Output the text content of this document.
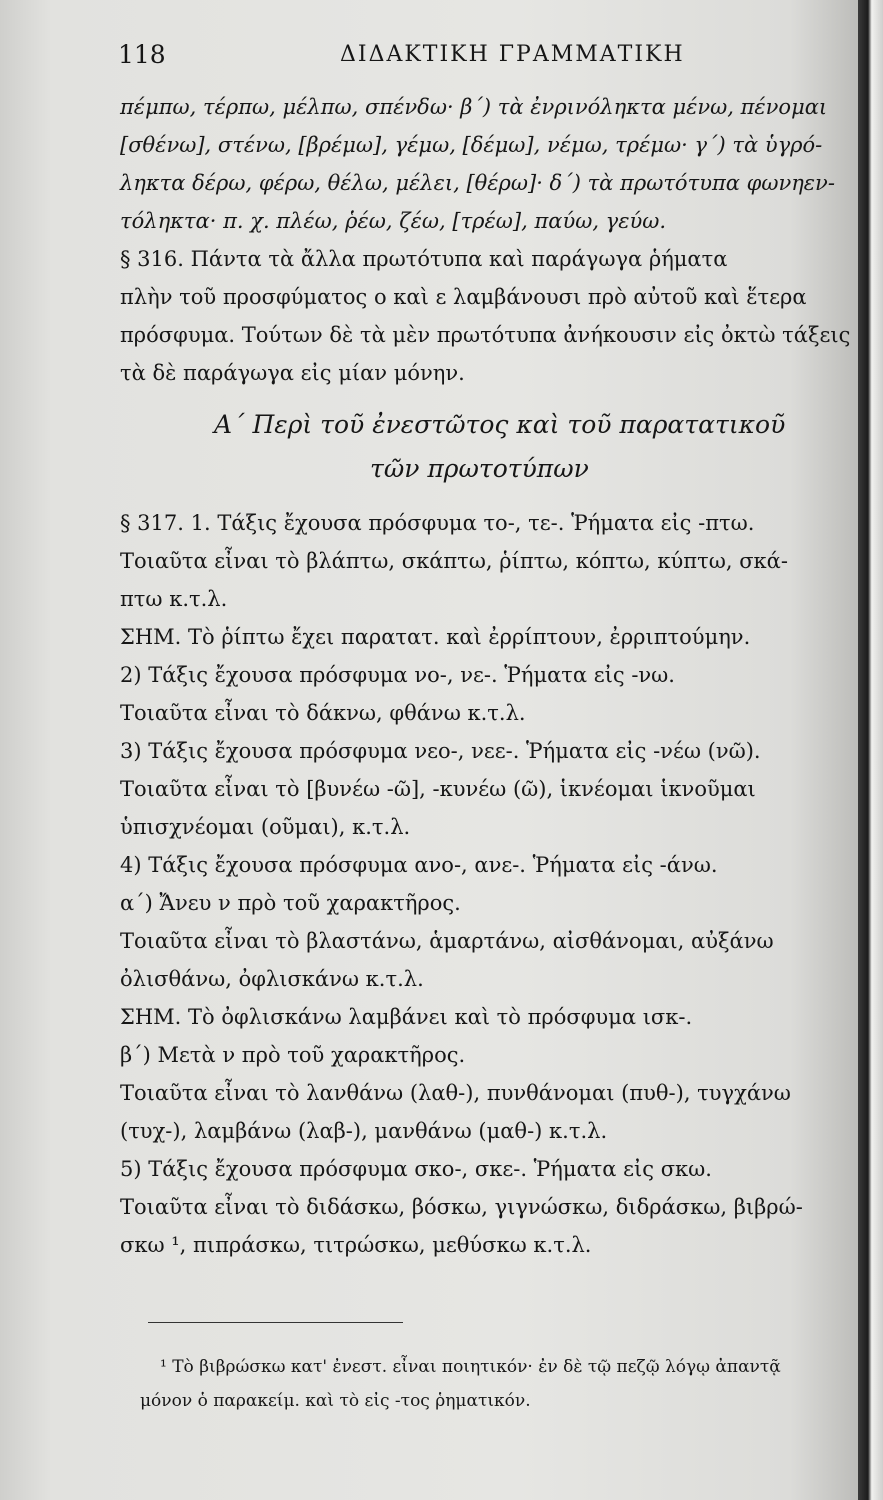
118	ΔΙΔΑΚΤΙΚΗ ΓΡΑΜΜΑΤΙΚΗ

πέμπω, τέρπω, μέλπω, σπένδω· β΄) τὰ ἐνρινόληκτα μένω, πένομαι

[σθένω], στένω, [βρέμω], γέμω, [δέμω], νέμω, τρέμω· γ΄) τὰ ὑγρό-

ληκτα δέρω, φέρω, θέλω, μέλει, [θέρω]· δ΄) τὰ πρωτότυπα φωνηεν-

τόληκτα· π. χ. πλέω, ῥέω, ζέω, [τρέω], παύω, γεύω.

§ 316. Πάντα τὰ ἄλλα πρωτότυπα καὶ παράγωγα ῥήματα

πλὴν τοῦ προσφύματος ο καὶ ε λαμβάνουσι πρὸ αὐτοῦ καὶ ἕτερα

πρόσφυμα. Τούτων δὲ τὰ μὲν πρωτότυπα ἀνήκουσιν εἰς ὀκτὼ τάξεις

τὰ δὲ παράγωγα εἰς μίαν μόνην.

Α΄ Περὶ τοῦ ἐνεστῶτος καὶ τοῦ παρατατικοῦ
τῶν πρωτοτύπων

§ 317. 1. Τάξις ἔχουσα πρόσφυμα το-, τε-. Ῥήματα εἰς -πτω.

Τοιαῦτα εἶναι τὸ βλάπτω, σκάπτω, ῥίπτω, κόπτω, κύπτω, σκά-

πτω κ.τ.λ.

ΣΗΜ. Τὸ ῥίπτω ἔχει παρατατ. καὶ ἐρρίπτουν, ἐρριπτούμην.

2) Τάξις ἔχουσα πρόσφυμα νο-, νε-. Ῥήματα εἰς -νω.

Τοιαῦτα εἶναι τὸ δάκνω, φθάνω κ.τ.λ.

3) Τάξις ἔχουσα πρόσφυμα νεο-, νεε-. Ῥήματα εἰς -νέω (νῶ).

Τοιαῦτα εἶναι τὸ [βυνέω -ῶ], -κυνέω (ῶ), ἱκνέομαι ἱκνοῦμαι

ὑπισχνέομαι (οῦμαι), κ.τ.λ.

4) Τάξις ἔχουσα πρόσφυμα ανο-, ανε-. Ῥήματα εἰς -άνω.

α΄) Ἄνευ ν πρὸ τοῦ χαρακτῆρος.

Τοιαῦτα εἶναι τὸ βλαστάνω, ἁμαρτάνω, αἰσθάνομαι, αὐξάνω

ὀλισθάνω, ὀφλισκάνω κ.τ.λ.

ΣΗΜ. Τὸ ὀφλισκάνω λαμβάνει καὶ τὸ πρόσφυμα ισκ-.

β΄) Μετὰ ν πρὸ τοῦ χαρακτῆρος.

Τοιαῦτα εἶναι τὸ λανθάνω (λαθ-), πυνθάνομαι (πυθ-), τυγχάνω

(τυχ-), λαμβάνω (λαβ-), μανθάνω (μαθ-) κ.τ.λ.

5) Τάξις ἔχουσα πρόσφυμα σκο-, σκε-. Ῥήματα εἰς σκω.

Τοιαῦτα εἶναι τὸ διδάσκω, βόσκω, γιγνώσκω, διδράσκω, βιβρώ-

σκω ¹, πιπράσκω, τιτρώσκω, μεθύσκω κ.τ.λ.

¹ Τὸ βιβρώσκω κατ' ἐνεστ. εἶναι ποιητικόν· ἐν δὲ τῷ πεζῷ λόγῳ ἀπαντᾷ

μόνον ὁ παρακείμ. καὶ τὸ εἰς -τος ῥηματικόν.
